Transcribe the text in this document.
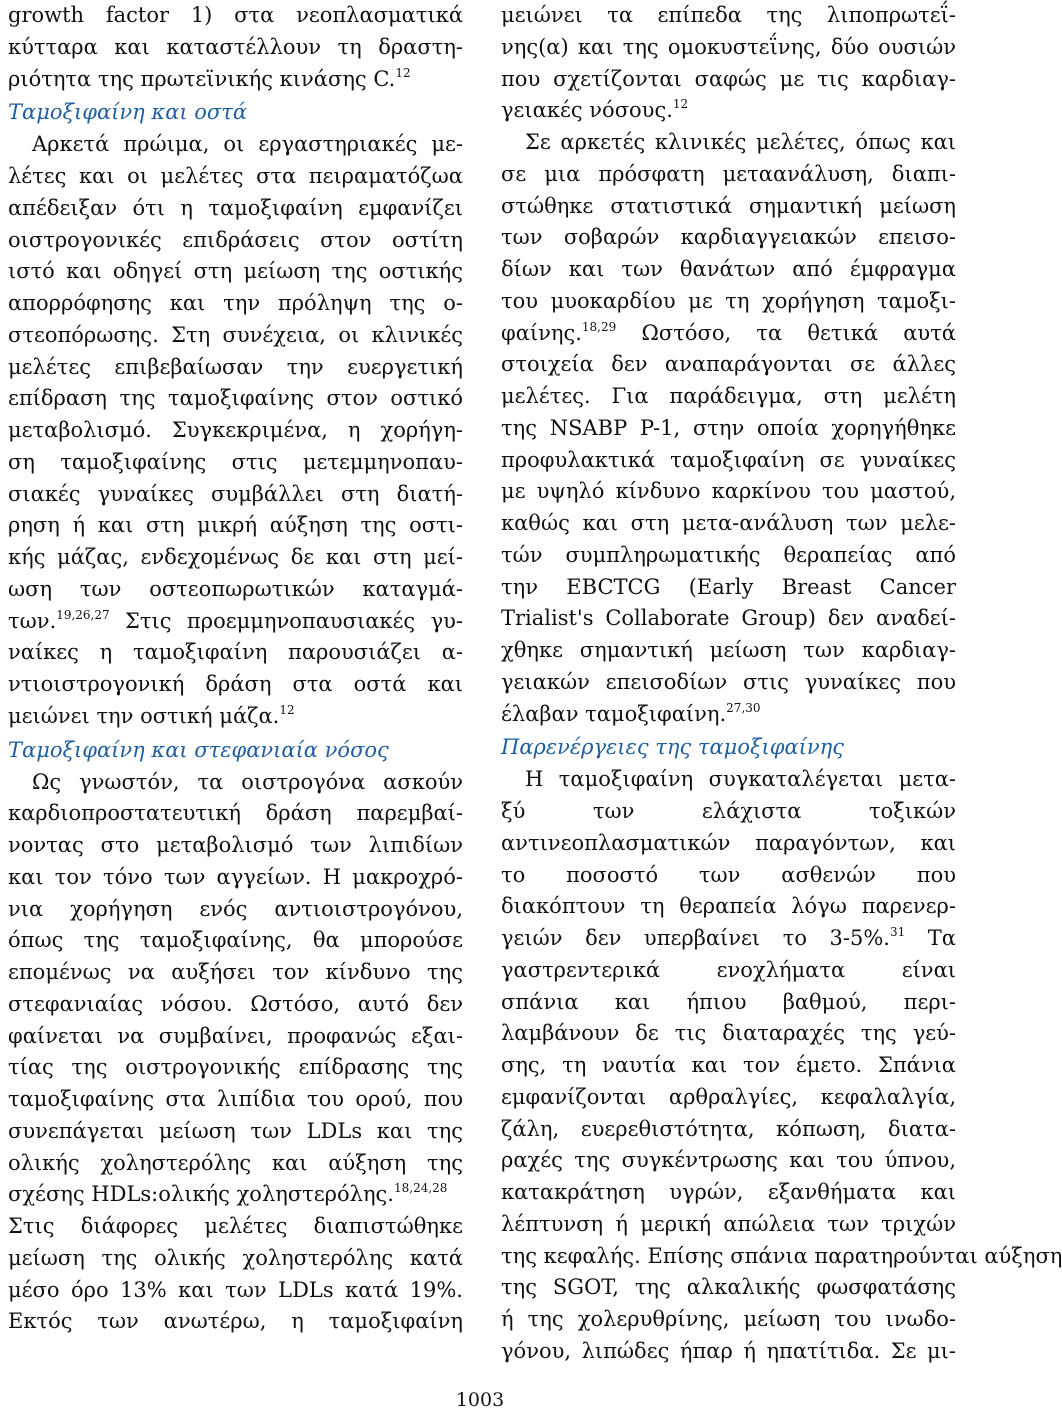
growth factor 1) στα νεοπλασματικά
κύτταρα και καταστέλλουν τη δραστη-
ριότητα της πρωτεϊνικής κινάσης C.$^{12}$
Ταμοξιφαίνη και οστά
Αρκετά πρώιμα, οι εργαστηριακές με-
λέτες και οι μελέτες στα πειραματόζωα
απέδειξαν ότι η ταμοξιφαίνη εμφανίζει
οιστρογονικές επιδράσεις στον οστίτη
ιστό και οδηγεί στη μείωση της οστικής
απορρόφησης και την πρόληψη της ο-
στεοπόρωσης. Στη συνέχεια, οι κλινικές
μελέτες επιβεβαίωσαν την ευεργετική
επίδραση της ταμοξιφαίνης στον οστικό
μεταβολισμό. Συγκεκριμένα, η χορήγη-
ση ταμοξιφαίνης στις μετεμμηνοπαυ-
σιακές γυναίκες συμβάλλει στη διατή-
ρηση ή και στη μικρή αύξηση της οστι-
κής μάζας, ενδεχομένως δε και στη μεί-
ωση των οστεοπωρωτικών καταγμά-
των.$^{19,26,27}$ Στις προεμμηνοπαυσιακές γυ-
ναίκες η ταμοξιφαίνη παρουσιάζει α-
ντιοιστρογονική δράση στα οστά και
μειώνει την οστική μάζα.$^{12}$
Ταμοξιφαίνη και στεφανιαία νόσος
Ως γνωστόν, τα οιστρογόνα ασκούν
καρδιοπροστατευτική δράση παρεμβαί-
νοντας στο μεταβολισμό των λιπιδίων
και τον τόνο των αγγείων. Η μακροχρό-
νια χορήγηση ενός αντιοιστρογόνου,
όπως της ταμοξιφαίνης, θα μπορούσε
επομένως να αυξήσει τον κίνδυνο της
στεφανιαίας νόσου. Ωστόσο, αυτό δεν
φαίνεται να συμβαίνει, προφανώς εξαι-
τίας της οιστρογονικής επίδρασης της
ταμοξιφαίνης στα λιπίδια του ορού, που
συνεπάγεται μείωση των LDLs και της
ολικής χοληστερόλης και αύξηση της
σχέσης HDLs:ολικής χοληστερόλης.$^{18,24,28}$
Στις διάφορες μελέτες διαπιστώθηκε
μείωση της ολικής χοληστερόλης κατά
μέσο όρο 13% και των LDLs κατά 19%.
Εκτός των ανωτέρω, η ταμοξιφαίνη
μειώνει τα επίπεδα της λιποπρωτεΐ-
νης(α) και της ομοκυστεΐνης, δύο ουσιών
που σχετίζονται σαφώς με τις καρδιαγ-
γειακές νόσους.$^{12}$
Σε αρκετές κλινικές μελέτες, όπως και
σε μια πρόσφατη μεταανάλυση, διαπι-
στώθηκε στατιστικά σημαντική μείωση
των σοβαρών καρδιαγγειακών επεισο-
δίων και των θανάτων από έμφραγμα
του μυοκαρδίου με τη χορήγηση ταμοξι-
φαίνης.$^{18,29}$ Ωστόσο, τα θετικά αυτά
στοιχεία δεν αναπαράγονται σε άλλες
μελέτες. Για παράδειγμα, στη μελέτη
της NSABP P-1, στην οποία χορηγήθηκε
προφυλακτικά ταμοξιφαίνη σε γυναίκες
με υψηλό κίνδυνο καρκίνου του μαστού,
καθώς και στη μετα-ανάλυση των μελε-
τών συμπληρωματικής θεραπείας από
την EBCTCG (Early Breast Cancer
Trialist's Collaborate Group) δεν αναδεί-
χθηκε σημαντική μείωση των καρδιαγ-
γειακών επεισοδίων στις γυναίκες που
έλαβαν ταμοξιφαίνη.$^{27,30}$
Παρενέργειες της ταμοξιφαίνης
Η ταμοξιφαίνη συγκαταλέγεται μετα-
ξύ των ελάχιστα τοξικών
αντινεοπλασματικών παραγόντων, και
το ποσοστό των ασθενών που
διακόπτουν τη θεραπεία λόγω παρενερ-
γειών δεν υπερβαίνει το 3-5%.$^{31}$ Τα
γαστρεντερικά ενοχλήματα είναι
σπάνια και ήπιου βαθμού, περι-
λαμβάνουν δε τις διαταραχές της γεύ-
σης, τη ναυτία και τον έμετο. Σπάνια
εμφανίζονται αρθραλγίες, κεφαλαλγία,
ζάλη, ευερεθιστότητα, κόπωση, διατα-
ραχές της συγκέντρωσης και του ύπνου,
κατακράτηση υγρών, εξανθήματα και
λέπτυνση ή μερική απώλεια των τριχών
της κεφαλής. Επίσης σπάνια παρατηρούνται αύξηση
της SGOT, της αλκαλικής φωσφατάσης
ή της χολερυθρίνης, μείωση του ινωδο-
γόνου, λιπώδες ήπαρ ή ηπατίτιδα. Σε μι-
1003
